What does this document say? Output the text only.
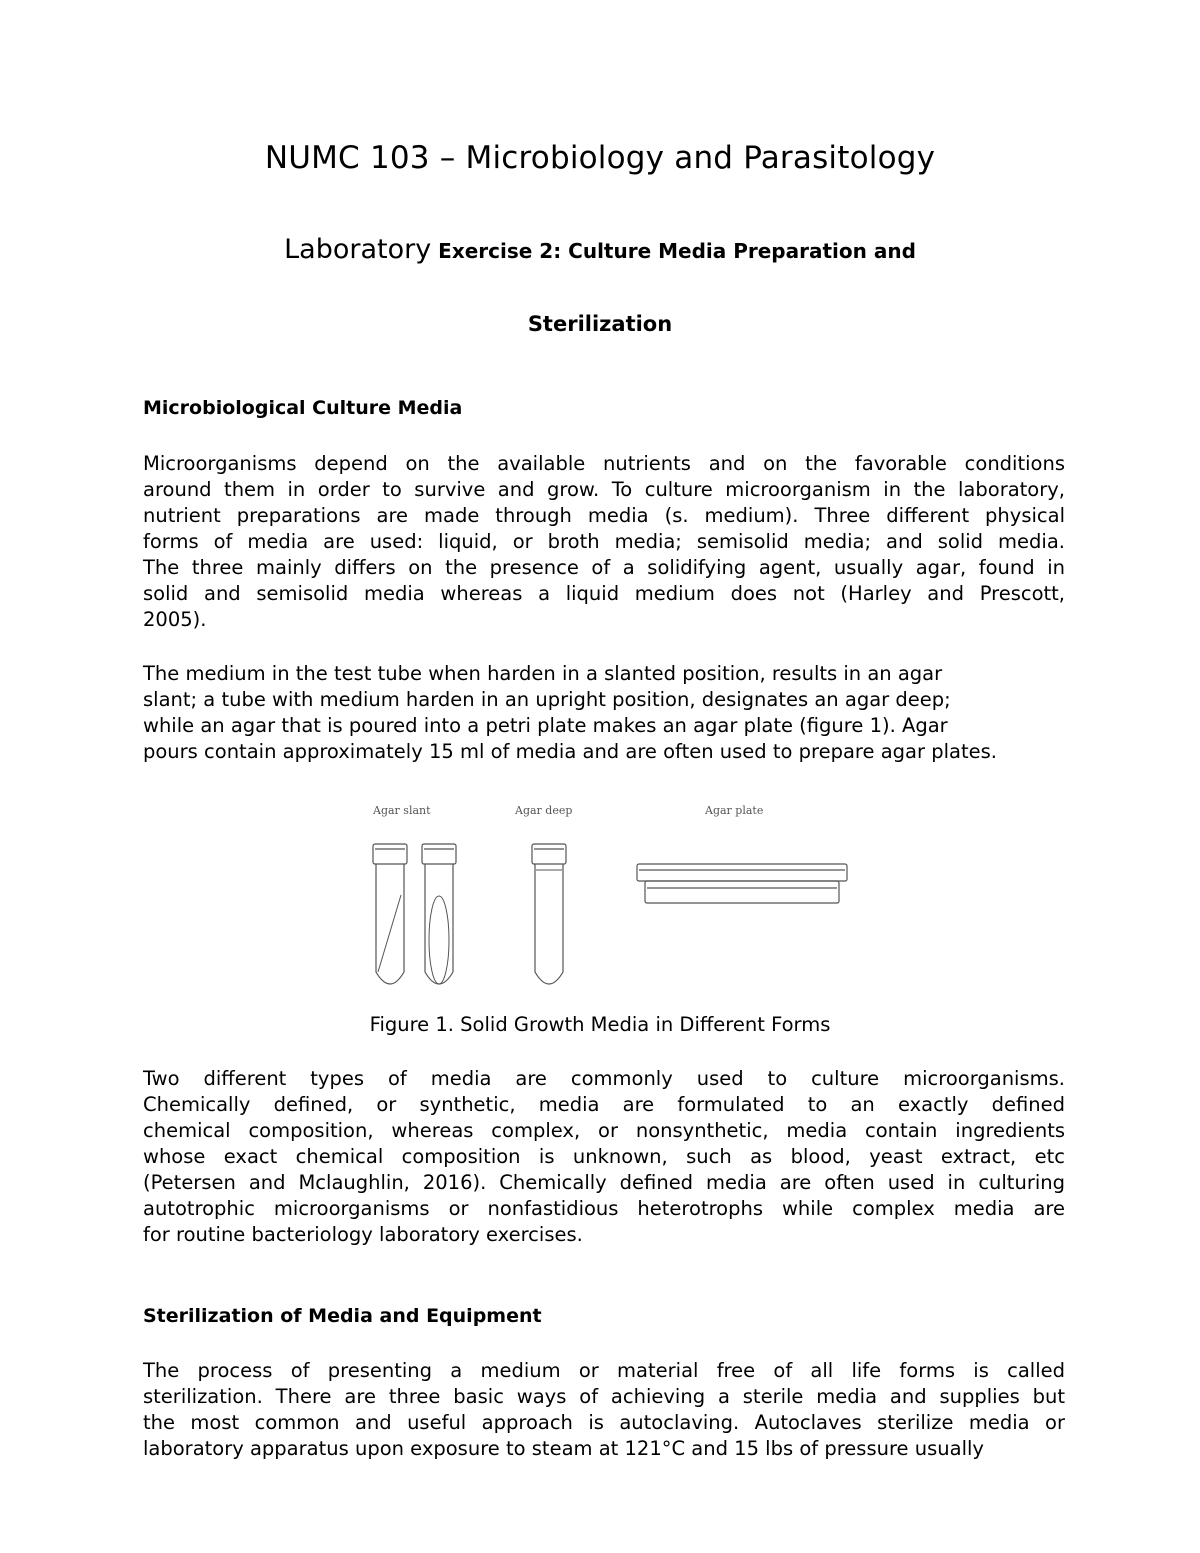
NUMC 103 – Microbiology and Parasitology
Laboratory Exercise 2: Culture Media Preparation and
Sterilization
Microbiological Culture Media
Microorganisms depend on the available nutrients and on the favorable conditions
around them in order to survive and grow. To culture microorganism in the laboratory,
nutrient preparations are made through media (s. medium). Three different physical
forms of media are used: liquid, or broth media; semisolid media; and solid media.
The three mainly differs on the presence of a solidifying agent, usually agar, found in
solid and semisolid media whereas a liquid medium does not (Harley and Prescott,
2005).
The medium in the test tube when harden in a slanted position, results in an agar
slant; a tube with medium harden in an upright position, designates an agar deep;
while an agar that is poured into a petri plate makes an agar plate (figure 1). Agar
pours contain approximately 15 ml of media and are often used to prepare agar plates.
Agar slant	Agar deep	Agar plate
Figure 1. Solid Growth Media in Different Forms
Two different types of media are commonly used to culture microorganisms.
Chemically defined, or synthetic, media are formulated to an exactly defined
chemical composition, whereas complex, or nonsynthetic, media contain ingredients
whose exact chemical composition is unknown, such as blood, yeast extract, etc
(Petersen and Mclaughlin, 2016). Chemically defined media are often used in culturing
autotrophic microorganisms or nonfastidious heterotrophs while complex media are
for routine bacteriology laboratory exercises.
Sterilization of Media and Equipment
The process of presenting a medium or material free of all life forms is called
sterilization. There are three basic ways of achieving a sterile media and supplies but
the most common and useful approach is autoclaving. Autoclaves sterilize media or
laboratory apparatus upon exposure to steam at 121°C and 15 lbs of pressure usually
